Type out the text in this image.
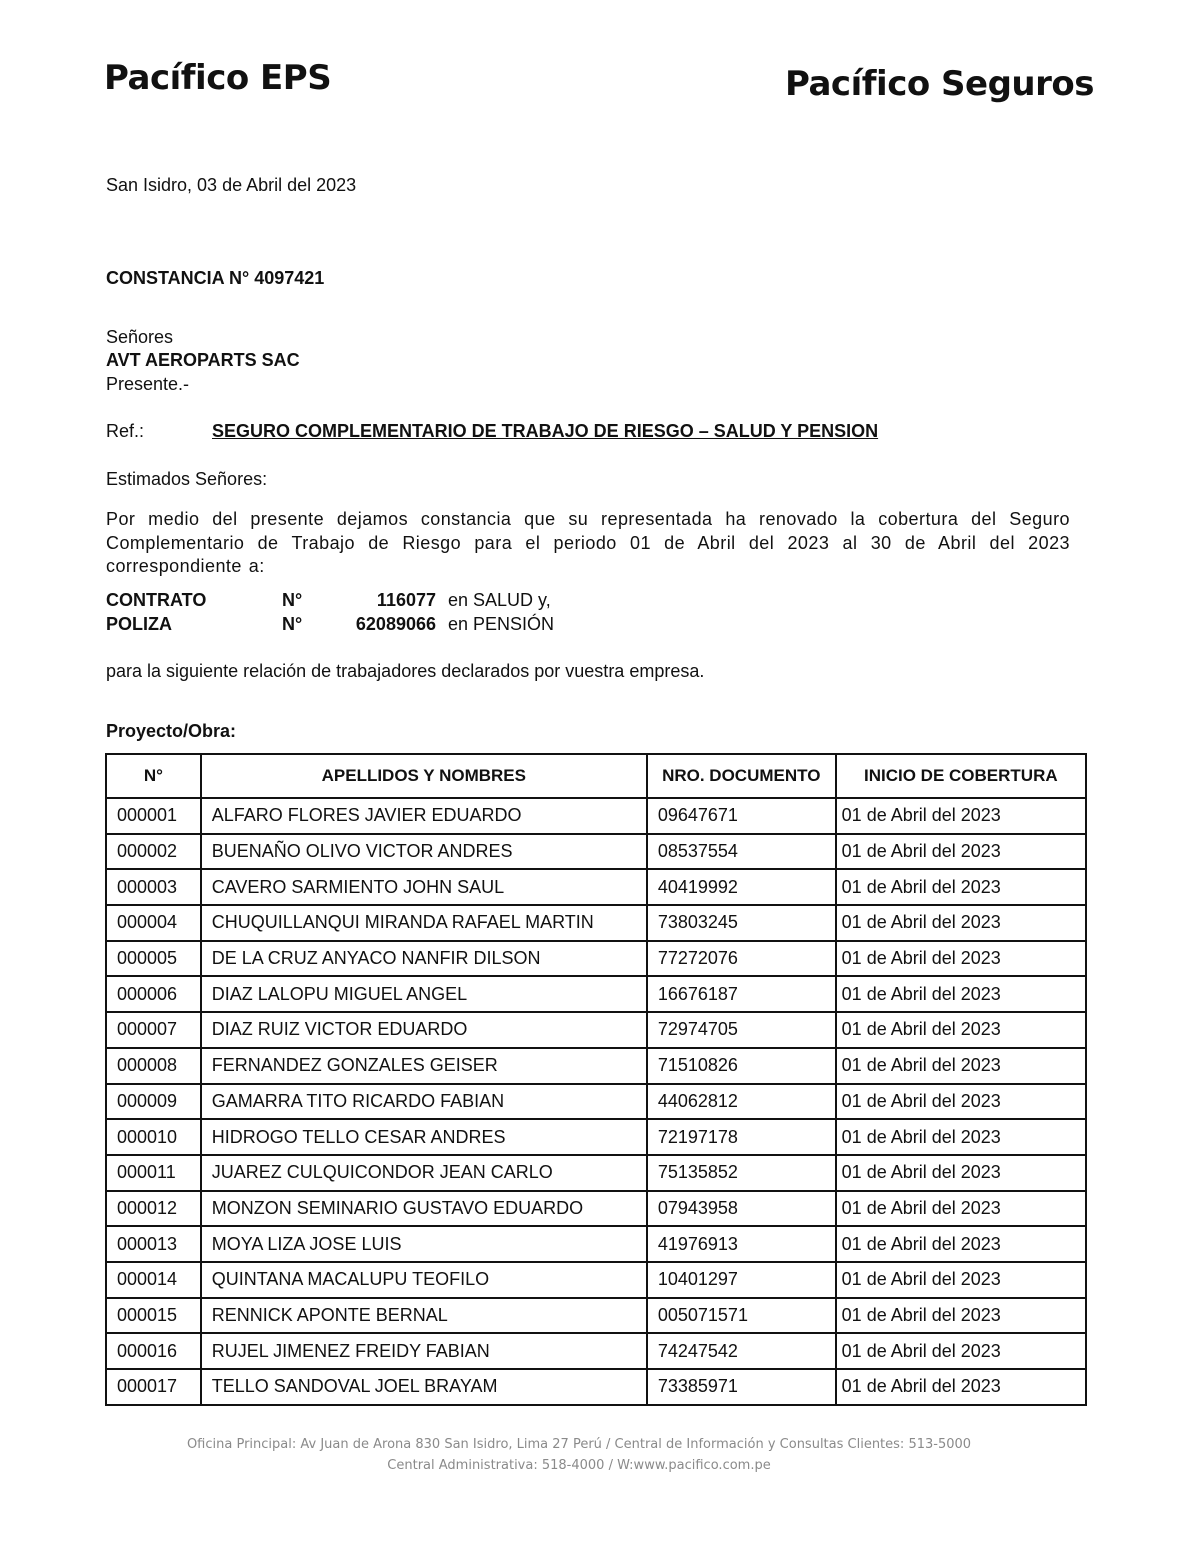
Pacífico EPS	Pacífico Seguros
San Isidro, 03 de Abril del 2023
CONSTANCIA N° 4097421
Señores
AVT AEROPARTS SAC
Presente.-
Ref.:	SEGURO COMPLEMENTARIO DE TRABAJO DE RIESGO – SALUD Y PENSION
Estimados Señores:
Por medio del presente dejamos constancia que su representada ha renovado la cobertura del Seguro Complementario de Trabajo de Riesgo para el periodo 01 de Abril del 2023 al 30 de Abril del 2023 correspondiente a:
CONTRATO	N°	116077 en SALUD y,
POLIZA	N°	62089066 en PENSIÓN
para la siguiente relación de trabajadores declarados por vuestra empresa.
Proyecto/Obra:
N°	APELLIDOS Y NOMBRES	NRO. DOCUMENTO	INICIO DE COBERTURA
000001	ALFARO FLORES JAVIER EDUARDO	09647671	01 de Abril del 2023
000002	BUENAÑO OLIVO VICTOR ANDRES	08537554	01 de Abril del 2023
000003	CAVERO SARMIENTO JOHN SAUL	40419992	01 de Abril del 2023
000004	CHUQUILLANQUI MIRANDA RAFAEL MARTIN	73803245	01 de Abril del 2023
000005	DE LA CRUZ ANYACO NANFIR DILSON	77272076	01 de Abril del 2023
000006	DIAZ LALOPU MIGUEL ANGEL	16676187	01 de Abril del 2023
000007	DIAZ RUIZ VICTOR EDUARDO	72974705	01 de Abril del 2023
000008	FERNANDEZ GONZALES GEISER	71510826	01 de Abril del 2023
000009	GAMARRA TITO RICARDO FABIAN	44062812	01 de Abril del 2023
000010	HIDROGO TELLO CESAR ANDRES	72197178	01 de Abril del 2023
000011	JUAREZ CULQUICONDOR JEAN CARLO	75135852	01 de Abril del 2023
000012	MONZON SEMINARIO GUSTAVO EDUARDO	07943958	01 de Abril del 2023
000013	MOYA LIZA JOSE LUIS	41976913	01 de Abril del 2023
000014	QUINTANA MACALUPU TEOFILO	10401297	01 de Abril del 2023
000015	RENNICK APONTE BERNAL	005071571	01 de Abril del 2023
000016	RUJEL JIMENEZ FREIDY FABIAN	74247542	01 de Abril del 2023
000017	TELLO SANDOVAL JOEL BRAYAM	73385971	01 de Abril del 2023
Oficina Principal: Av Juan de Arona 830 San Isidro, Lima 27 Perú / Central de Información y Consultas Clientes: 513-5000
Central Administrativa: 518-4000 / W:www.pacifico.com.pe
